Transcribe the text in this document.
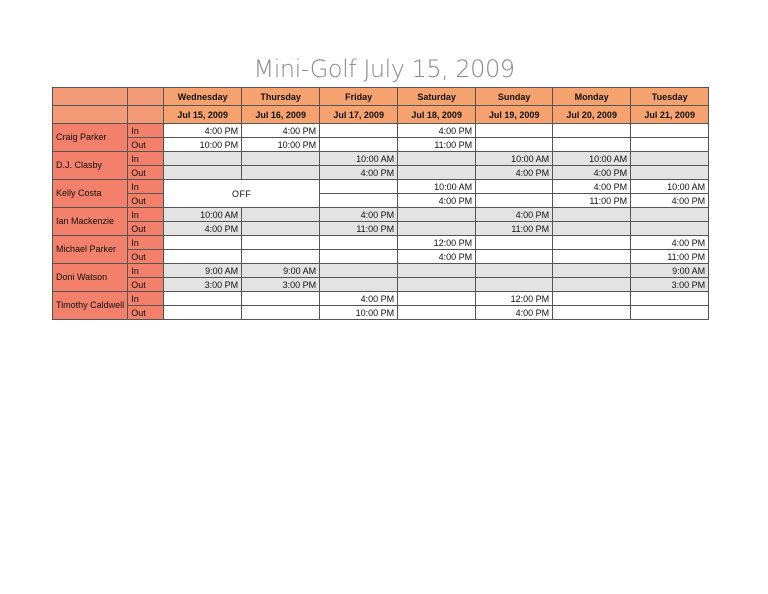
Mini-Golf July 15, 2009
		Wednesday	Thursday	Friday	Saturday	Sunday	Monday	Tuesday
		Jul 15, 2009	Jul 16, 2009	Jul 17, 2009	Jul 18, 2009	Jul 19, 2009	Jul 20, 2009	Jul 21, 2009
Craig Parker	In	4:00 PM	4:00 PM		4:00 PM			
	Out	10:00 PM	10:00 PM		11:00 PM			
D.J. Clasby	In			10:00 AM		10:00 AM	10:00 AM	
	Out			4:00 PM		4:00 PM	4:00 PM	
Kelly Costa	In	OFF			10:00 AM		4:00 PM	10:00 AM
	Out				4:00 PM		11:00 PM	4:00 PM
Ian Mackenzie	In	10:00 AM		4:00 PM		4:00 PM		
	Out	4:00 PM		11:00 PM		11:00 PM		
Michael Parker	In				12:00 PM			4:00 PM
	Out				4:00 PM			11:00 PM
Doni Watson	In	9:00 AM	9:00 AM					9:00 AM
	Out	3:00 PM	3:00 PM					3:00 PM
Timothy Caldwell	In			4:00 PM		12:00 PM		
	Out			10:00 PM		4:00 PM		
